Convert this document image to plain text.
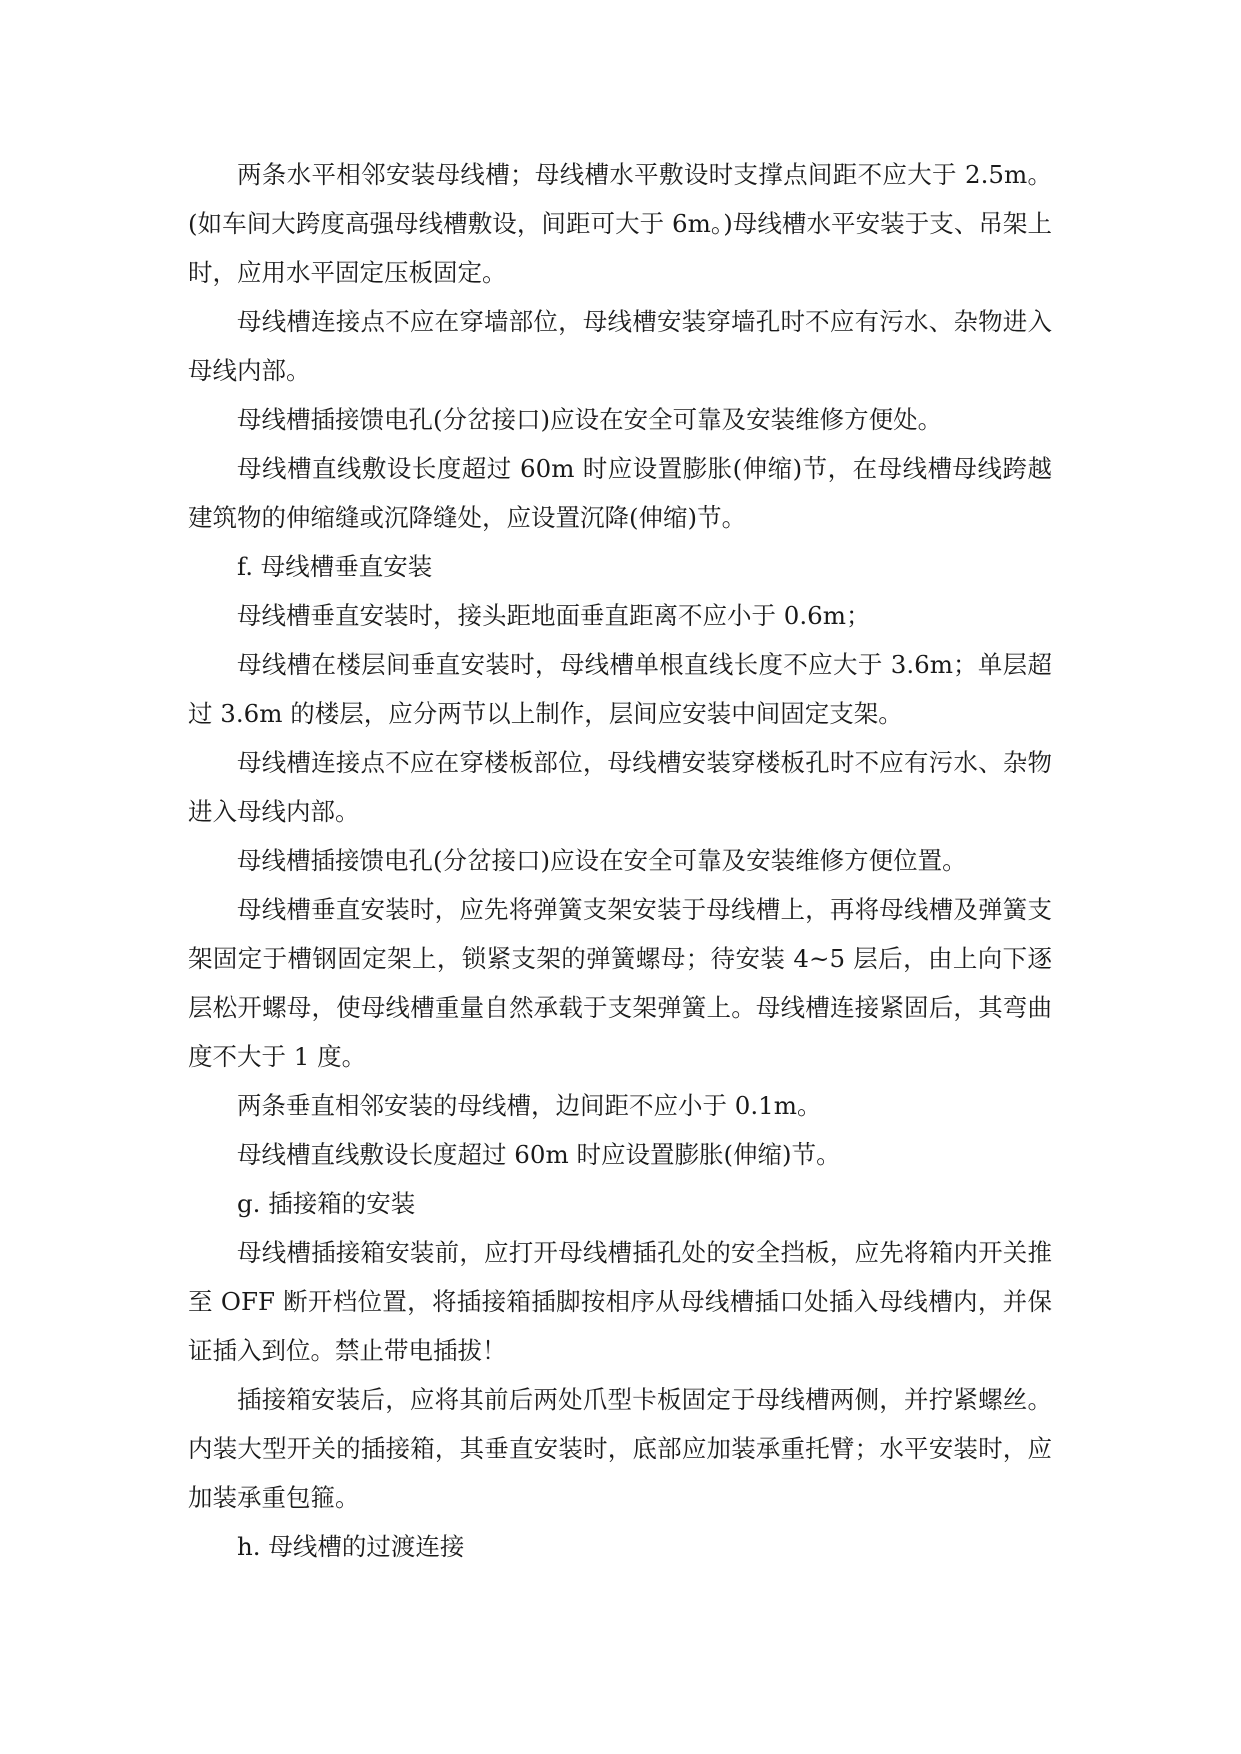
两条水平相邻安装母线槽；母线槽水平敷设时支撑点间距不应大于 2.5m。(如车间大跨度高强母线槽敷设，间距可大于 6m。)母线槽水平安装于支、吊架上时，应用水平固定压板固定。

母线槽连接点不应在穿墙部位，母线槽安装穿墙孔时不应有污水、杂物进入母线内部。

母线槽插接馈电孔(分岔接口)应设在安全可靠及安装维修方便处。

母线槽直线敷设长度超过 60m 时应设置膨胀(伸缩)节，在母线槽母线跨越建筑物的伸缩缝或沉降缝处，应设置沉降(伸缩)节。

f. 母线槽垂直安装

母线槽垂直安装时，接头距地面垂直距离不应小于 0.6m；

母线槽在楼层间垂直安装时，母线槽单根直线长度不应大于 3.6m；单层超过 3.6m 的楼层，应分两节以上制作，层间应安装中间固定支架。

母线槽连接点不应在穿楼板部位，母线槽安装穿楼板孔时不应有污水、杂物进入母线内部。

母线槽插接馈电孔(分岔接口)应设在安全可靠及安装维修方便位置。

母线槽垂直安装时，应先将弹簧支架安装于母线槽上，再将母线槽及弹簧支架固定于槽钢固定架上，锁紧支架的弹簧螺母；待安装 4~5 层后，由上向下逐层松开螺母，使母线槽重量自然承载于支架弹簧上。母线槽连接紧固后，其弯曲度不大于 1 度。

两条垂直相邻安装的母线槽，边间距不应小于 0.1m。

母线槽直线敷设长度超过 60m 时应设置膨胀(伸缩)节。

g. 插接箱的安装

母线槽插接箱安装前，应打开母线槽插孔处的安全挡板，应先将箱内开关推至 OFF 断开档位置，将插接箱插脚按相序从母线槽插口处插入母线槽内，并保证插入到位。禁止带电插拔！

插接箱安装后，应将其前后两处爪型卡板固定于母线槽两侧，并拧紧螺丝。内装大型开关的插接箱，其垂直安装时，底部应加装承重托臂；水平安装时，应加装承重包箍。

h. 母线槽的过渡连接
